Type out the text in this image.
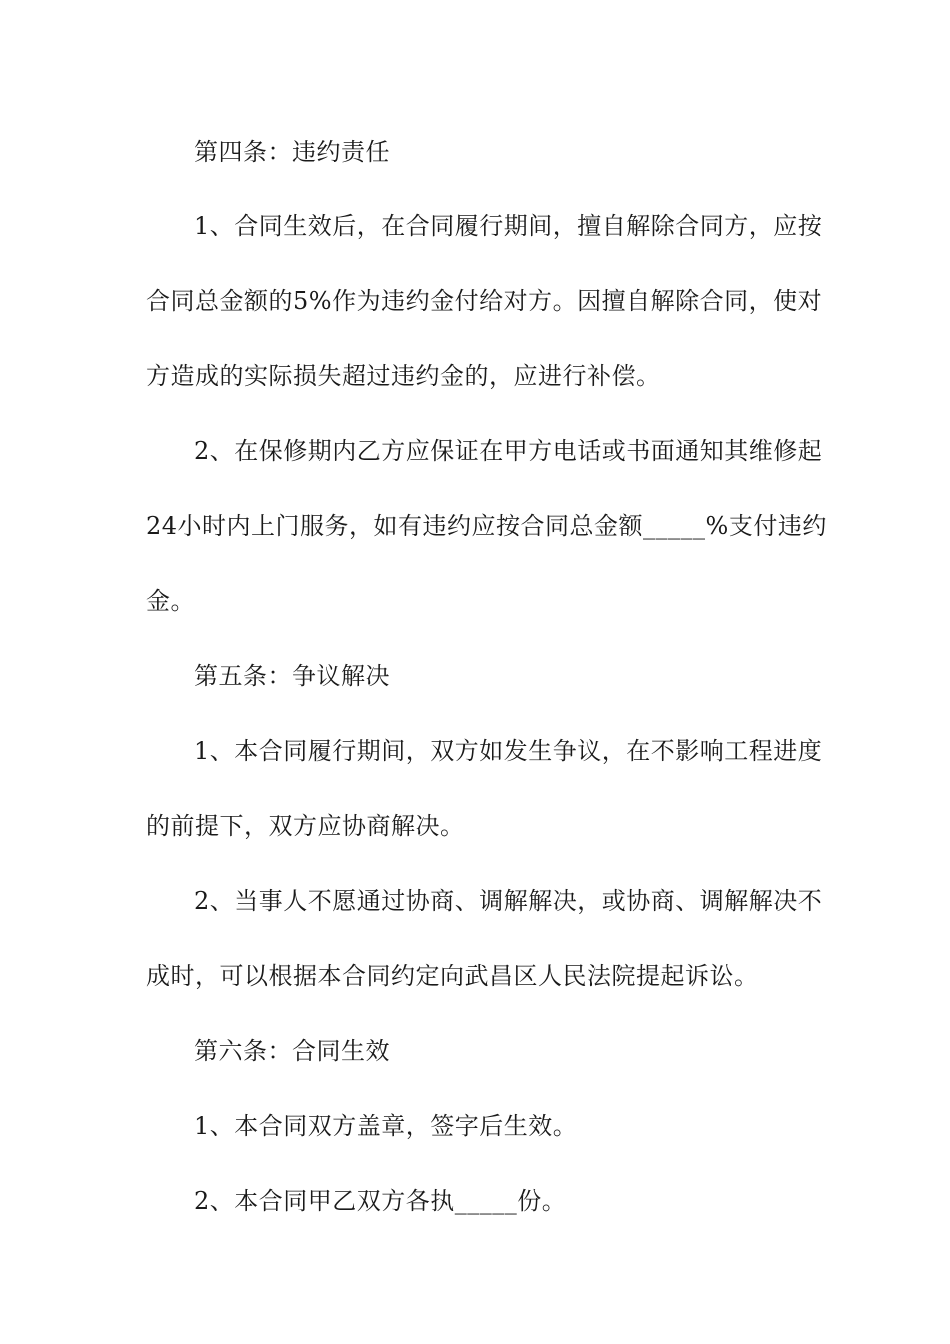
第四条：违约责任
1、合同生效后，在合同履行期间，擅自解除合同方，应按
合同总金额的5%作为违约金付给对方。因擅自解除合同，使对
方造成的实际损失超过违约金的，应进行补偿。
2、在保修期内乙方应保证在甲方电话或书面通知其维修起
24小时内上门服务，如有违约应按合同总金额_____%支付违约
金。
第五条：争议解决
1、本合同履行期间，双方如发生争议，在不影响工程进度
的前提下，双方应协商解决。
2、当事人不愿通过协商、调解解决，或协商、调解解决不
成时，可以根据本合同约定向武昌区人民法院提起诉讼。
第六条：合同生效
1、本合同双方盖章，签字后生效。
2、本合同甲乙双方各执_____份。
